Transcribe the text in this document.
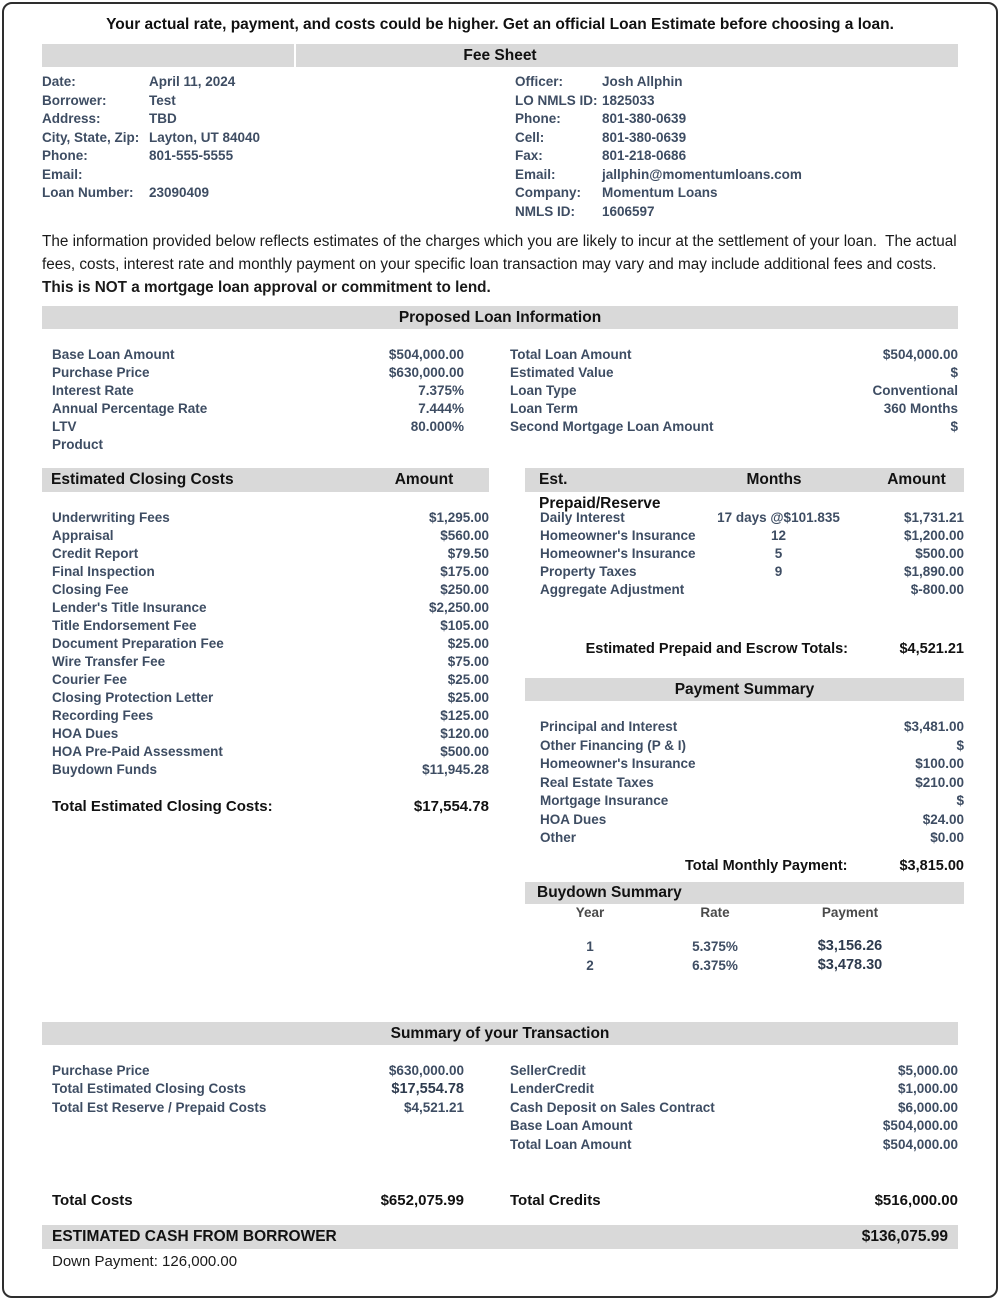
Your actual rate, payment, and costs could be higher. Get an official Loan Estimate before choosing a loan.
Fee Sheet
Date:	April 11, 2024
Borrower:	Test
Address:	TBD
City, State, Zip: Layton, UT 84040
Phone:	801-555-5555
Email:
Loan Number:	23090409
Officer:	Josh Allphin
LO NMLS ID: 1825033
Phone:	801-380-0639
Cell:	801-380-0639
Fax:	801-218-0686
Email:	jallphin@momentumloans.com
Company:	Momentum Loans
NMLS ID:	1606597
The information provided below reflects estimates of the charges which you are likely to incur at the settlement of your loan.  The actual fees, costs, interest rate and monthly payment on your specific loan transaction may vary and may include additional fees and costs.  This is NOT a mortgage loan approval or commitment to lend.
Proposed Loan Information
Base Loan Amount	$504,000.00
Purchase Price	$630,000.00
Interest Rate	7.375%
Annual Percentage Rate	7.444%
LTV	80.000%
Product
Total Loan Amount	$504,000.00
Estimated Value	$
Loan Type	Conventional
Loan Term	360 Months
Second Mortgage Loan Amount	$
Estimated Closing Costs	Amount
Underwriting Fees	$1,295.00
Appraisal	$560.00
Credit Report	$79.50
Final Inspection	$175.00
Closing Fee	$250.00
Lender's Title Insurance	$2,250.00
Title Endorsement Fee	$105.00
Document Preparation Fee	$25.00
Wire Transfer Fee	$75.00
Courier Fee	$25.00
Closing Protection Letter	$25.00
Recording Fees	$125.00
HOA Dues	$120.00
HOA Pre-Paid Assessment	$500.00
Buydown Funds	$11,945.28
Total Estimated Closing Costs:	$17,554.78
Est. Prepaid/Reserve
Months	Amount
Daily Interest	17 days @$101.835	$1,731.21
Homeowner's Insurance	12	$1,200.00
Homeowner's Insurance	5	$500.00
Property Taxes	9	$1,890.00
Aggregate Adjustment	$-800.00
Estimated Prepaid and Escrow Totals:	$4,521.21
Payment Summary
Principal and Interest	$3,481.00
Other Financing (P & I)	$
Homeowner's Insurance	$100.00
Real Estate Taxes	$210.00
Mortgage Insurance	$
HOA Dues	$24.00
Other	$0.00
Total Monthly Payment:	$3,815.00
Buydown Summary
Year	Rate	Payment
1	5.375%	$3,156.26
2	6.375%	$3,478.30
Summary of your Transaction
Purchase Price	$630,000.00
Total Estimated Closing Costs	$17,554.78
Total Est Reserve / Prepaid Costs	$4,521.21
SellerCredit	$5,000.00
LenderCredit	$1,000.00
Cash Deposit on Sales Contract	$6,000.00
Base Loan Amount	$504,000.00
Total Loan Amount	$504,000.00
Total Costs	$652,075.99	Total Credits	$516,000.00
ESTIMATED CASH FROM BORROWER	$136,075.99
Down Payment: 126,000.00
